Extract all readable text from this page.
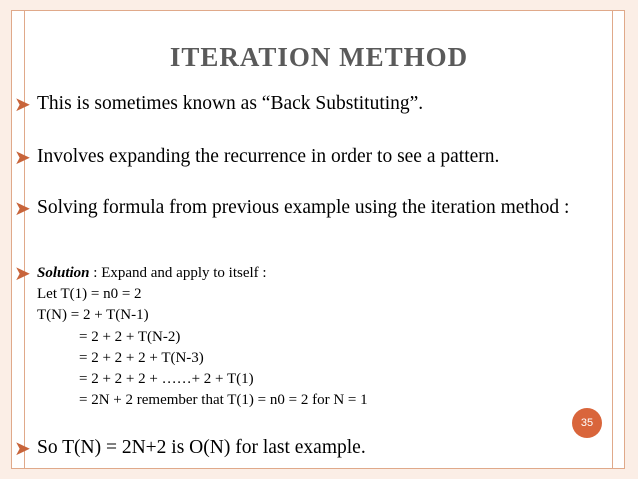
ITERATION METHOD
➤ This is sometimes known as “Back Substituting”.
➤ Involves expanding the recurrence in order to see a pattern.
➤ Solving formula from previous example using the iteration method :
➤ Solution : Expand and apply to itself :
Let T(1) = n0 = 2
T(N) = 2 + T(N-1)
= 2 + 2 + T(N-2)
= 2 + 2 + 2 + T(N-3)
= 2 + 2 + 2 + ……+ 2 + T(1)
= 2N + 2 remember that T(1) = n0 = 2 for N = 1
35
➤ So T(N) = 2N+2 is O(N) for last example.
